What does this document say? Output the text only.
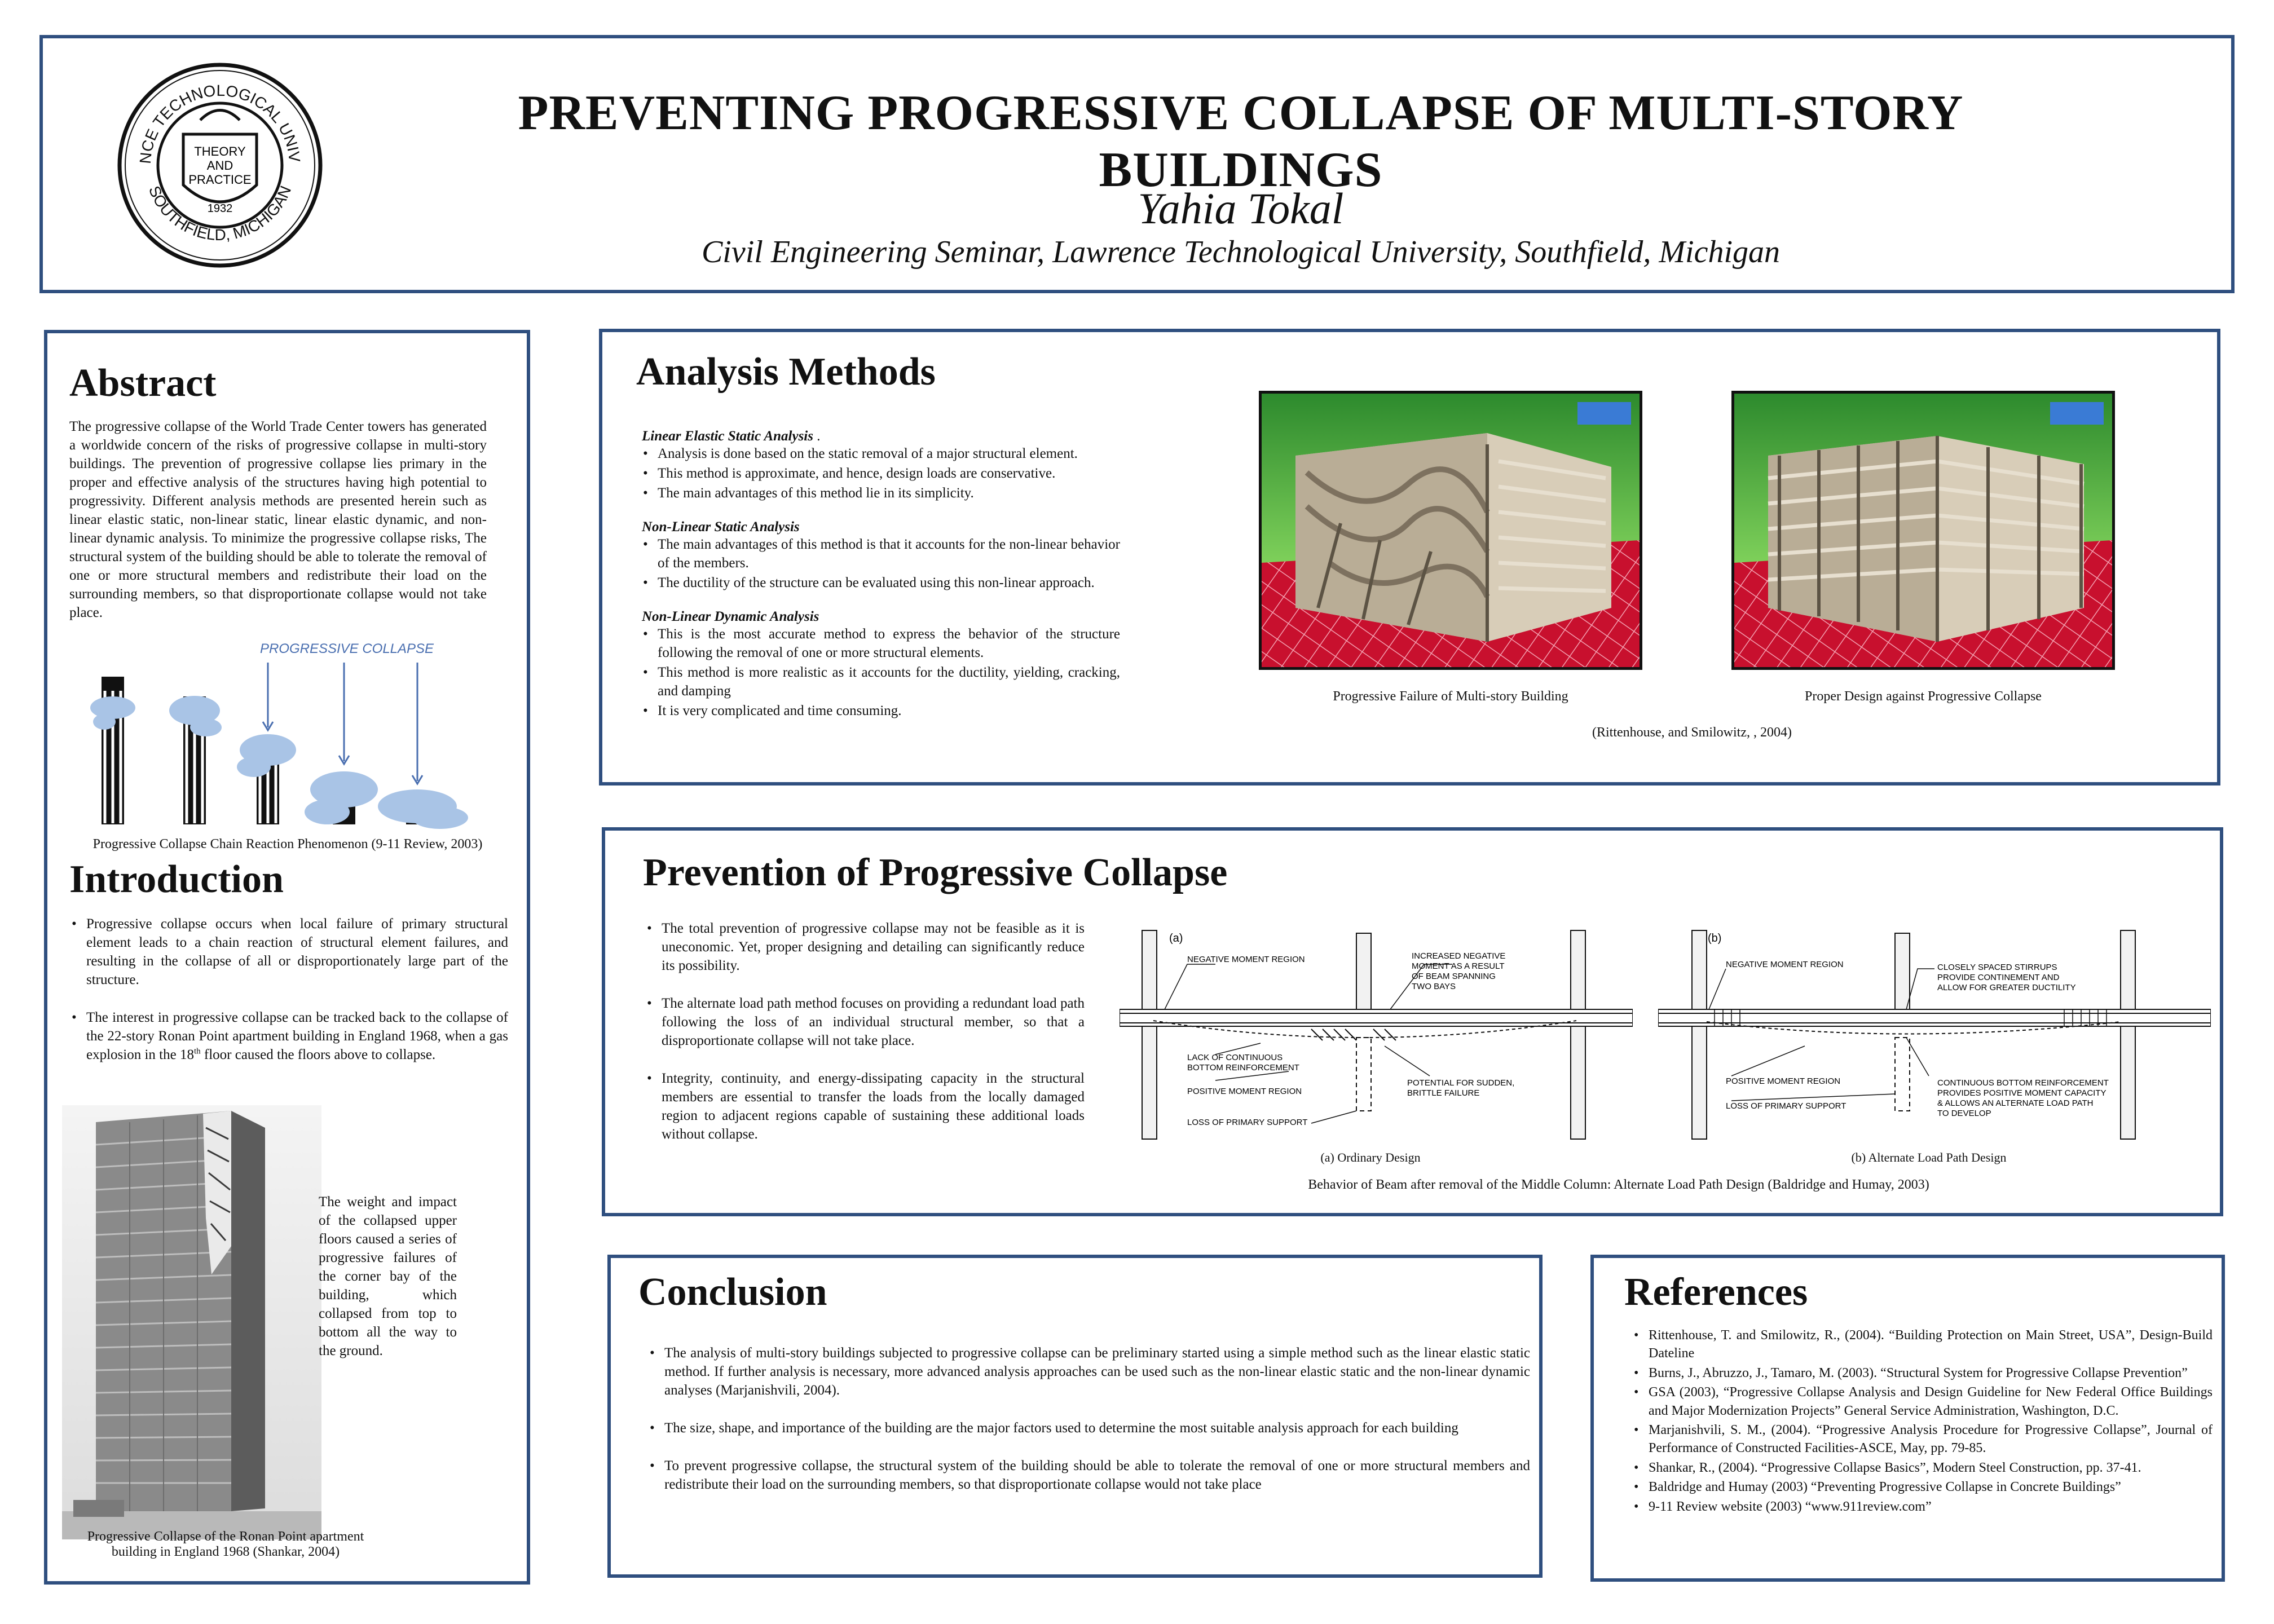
NCE TECHNOLOGICAL UNIV
SOUTHFIELD, MICHIGAN
THEORY
AND
PRACTICE
1932
PREVENTING PROGRESSIVE COLLAPSE OF MULTI-STORY BUILDINGS
Yahia Tokal
Civil Engineering Seminar, Lawrence Technological University, Southfield, Michigan
Abstract
The progressive collapse of the World Trade Center towers has generated a worldwide concern of the risks of progressive collapse in multi-story buildings. The prevention of progressive collapse lies primary in the proper and effective analysis of the structures having high potential to progressivity. Different analysis methods are presented herein such as linear elastic static, non-linear static, linear elastic dynamic, and non-linear dynamic analysis. To minimize the progressive collapse risks, The structural system of the building should be able to tolerate the removal of one or more structural members and redistribute their load on the surrounding members, so that disproportionate collapse would not take place.
PROGRESSIVE COLLAPSE
Progressive Collapse Chain Reaction Phenomenon (9-11 Review, 2003)
Introduction
• Progressive collapse occurs when local failure of primary structural element leads to a chain reaction of structural element failures, and resulting in the collapse of all or disproportionately large part of the structure.
• The interest in progressive collapse can be tracked back to the collapse of the 22-story Ronan Point apartment building in England 1968, when a gas explosion in the 18th floor caused the floors above to collapse.
The weight and impact of the collapsed upper floors caused a series of progressive failures of the corner bay of the building, which collapsed from top to bottom all the way to the ground.
Progressive Collapse of the Ronan Point apartment building in England 1968 (Shankar, 2004)
Analysis Methods
Linear Elastic Static Analysis .
• Analysis is done based on the static removal of a major structural element.
• This method is approximate, and hence, design loads are conservative.
• The main advantages of this method lie in its simplicity.
Non-Linear Static Analysis
• The main advantages of this method is that it accounts for the non-linear behavior of the members.
• The ductility of the structure can be evaluated using this non-linear approach.
Non-Linear Dynamic Analysis
• This is the most accurate method to express the behavior of the structure following the removal of one or more structural elements.
• This method is more realistic as it accounts for the ductility, yielding, cracking, and damping
• It is very complicated and time consuming.
Progressive Failure of Multi-story Building	Proper Design against Progressive Collapse
(Rittenhouse, and Smilowitz, , 2004)
Prevention of Progressive Collapse
• The total prevention of progressive collapse may not be feasible as it is uneconomic. Yet, proper designing and detailing can significantly reduce its possibility.
• The alternate load path method focuses on providing a redundant load path following the loss of an individual structural member, so that a disproportionate collapse will not take place.
• Integrity, continuity, and energy-dissipating capacity in the structural members are essential to transfer the loads from the locally damaged region to adjacent regions capable of sustaining these additional loads without collapse.
(a)
NEGATIVE MOMENT REGION	INCREASED NEGATIVE
MOMENT AS A RESULT
OF BEAM SPANNING
TWO BAYS
LACK OF CONTINUOUS
BOTTOM REINFORCEMENT
POSITIVE MOMENT REGION
LOSS OF PRIMARY SUPPORT
POTENTIAL FOR SUDDEN,
BRITTLE FAILURE
(a) Ordinary Design
(b)
NEGATIVE MOMENT REGION	CLOSELY SPACED STIRRUPS
PROVIDE CONTINEMENT AND
ALLOW FOR GREATER DUCTILITY
POSITIVE MOMENT REGION
LOSS OF PRIMARY SUPPORT
CONTINUOUS BOTTOM REINFORCEMENT
PROVIDES POSITIVE MOMENT CAPACITY
& ALLOWS AN ALTERNATE LOAD PATH
TO DEVELOP
(b) Alternate Load Path Design
Behavior of Beam after removal of the Middle Column: Alternate Load Path Design (Baldridge and Humay, 2003)
Conclusion
• The analysis of multi-story buildings subjected to progressive collapse can be preliminary started using a simple method such as the linear elastic static method. If further analysis is necessary, more advanced analysis approaches can be used such as the non-linear elastic static and the non-linear dynamic analyses (Marjanishvili, 2004).
• The size, shape, and importance of the building are the major factors used to determine the most suitable analysis approach for each building
• To prevent progressive collapse, the structural system of the building should be able to tolerate the removal of one or more structural members and redistribute their load on the surrounding members, so that disproportionate collapse would not take place
References
• Rittenhouse, T. and Smilowitz, R., (2004). “Building Protection on Main Street, USA”, Design-Build Dateline
• Burns, J., Abruzzo, J., Tamaro, M. (2003). “Structural System for Progressive Collapse Prevention”
• GSA (2003), “Progressive Collapse Analysis and Design Guideline for New Federal Office Buildings and Major Modernization Projects” General Service Administration, Washington, D.C.
• Marjanishvili, S. M., (2004). “Progressive Analysis Procedure for Progressive Collapse”, Journal of Performance of Constructed Facilities-ASCE, May, pp. 79-85.
• Shankar, R., (2004). “Progressive Collapse Basics”, Modern Steel Construction, pp. 37-41.
• Baldridge and Humay (2003) “Preventing Progressive Collapse in Concrete Buildings”
• 9-11 Review website (2003) “www.911review.com”
